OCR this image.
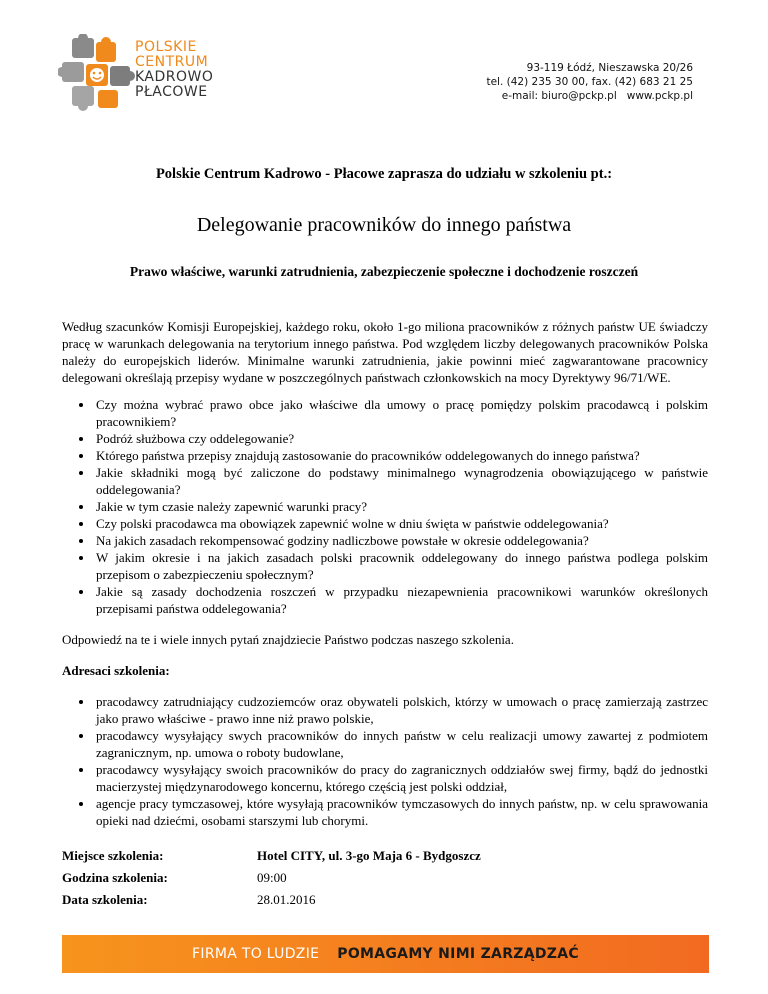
POLSKIE
CENTRUM
KADROWO
PŁACOWE
93-119 Łódź, Nieszawska 20/26
tel. (42) 235 30 00, fax. (42) 683 21 25
e-mail: biuro@pckp.pl   www.pckp.pl
Polskie Centrum Kadrowo - Płacowe zaprasza do udziału w szkoleniu pt.:
Delegowanie pracowników do innego państwa
Prawo właściwe, warunki zatrudnienia, zabezpieczenie społeczne i dochodzenie roszczeń

Według szacunków Komisji Europejskiej, każdego roku, około 1-go miliona pracowników z różnych państw UE świadczy pracę w warunkach delegowania na terytorium innego państwa. Pod względem liczby delegowanych pracowników Polska należy do europejskich liderów. Minimalne warunki zatrudnienia, jakie powinni mieć zagwarantowane pracownicy delegowani określają przepisy wydane w poszczególnych państwach członkowskich na mocy Dyrektywy 96/71/WE.

• Czy można wybrać prawo obce jako właściwe dla umowy o pracę pomiędzy polskim pracodawcą i polskim pracownikiem?
• Podróż służbowa czy oddelegowanie?
• Którego państwa przepisy znajdują zastosowanie do pracowników oddelegowanych do innego państwa?
• Jakie składniki mogą być zaliczone do podstawy minimalnego wynagrodzenia obowiązującego w państwie oddelegowania?
• Jakie w tym czasie należy zapewnić warunki pracy?
• Czy polski pracodawca ma obowiązek zapewnić wolne w dniu święta w państwie oddelegowania?
• Na jakich zasadach rekompensować godziny nadliczbowe powstałe w okresie oddelegowania?
• W jakim okresie i na jakich zasadach polski pracownik oddelegowany do innego państwa podlega polskim przepisom o zabezpieczeniu społecznym?
• Jakie są zasady dochodzenia roszczeń w przypadku niezapewnienia pracownikowi warunków określonych przepisami państwa oddelegowania?

Odpowiedź na te i wiele innych pytań znajdziecie Państwo podczas naszego szkolenia.

Adresaci szkolenia:

• pracodawcy zatrudniający cudzoziemców oraz obywateli polskich, którzy w umowach o pracę zamierzają zastrzec jako prawo właściwe - prawo inne niż prawo polskie,
• pracodawcy wysyłający swych pracowników do innych państw w celu realizacji umowy zawartej z podmiotem zagranicznym, np. umowa o roboty budowlane,
• pracodawcy wysyłający swoich pracowników do pracy do zagranicznych oddziałów swej firmy, bądź do jednostki macierzystej międzynarodowego koncernu, którego częścią jest polski oddział,
• agencje pracy tymczasowej, które wysyłają pracowników tymczasowych do innych państw, np. w celu sprawowania opieki nad dziećmi, osobami starszymi lub chorymi.
Miejsce szkolenia:	Hotel CITY, ul. 3-go Maja 6 - Bydgoszcz
Godzina szkolenia:	09:00
Data szkolenia:	28.01.2016
FIRMA TO LUDZIE POMAGAMY NIMI ZARZĄDZAĆ
